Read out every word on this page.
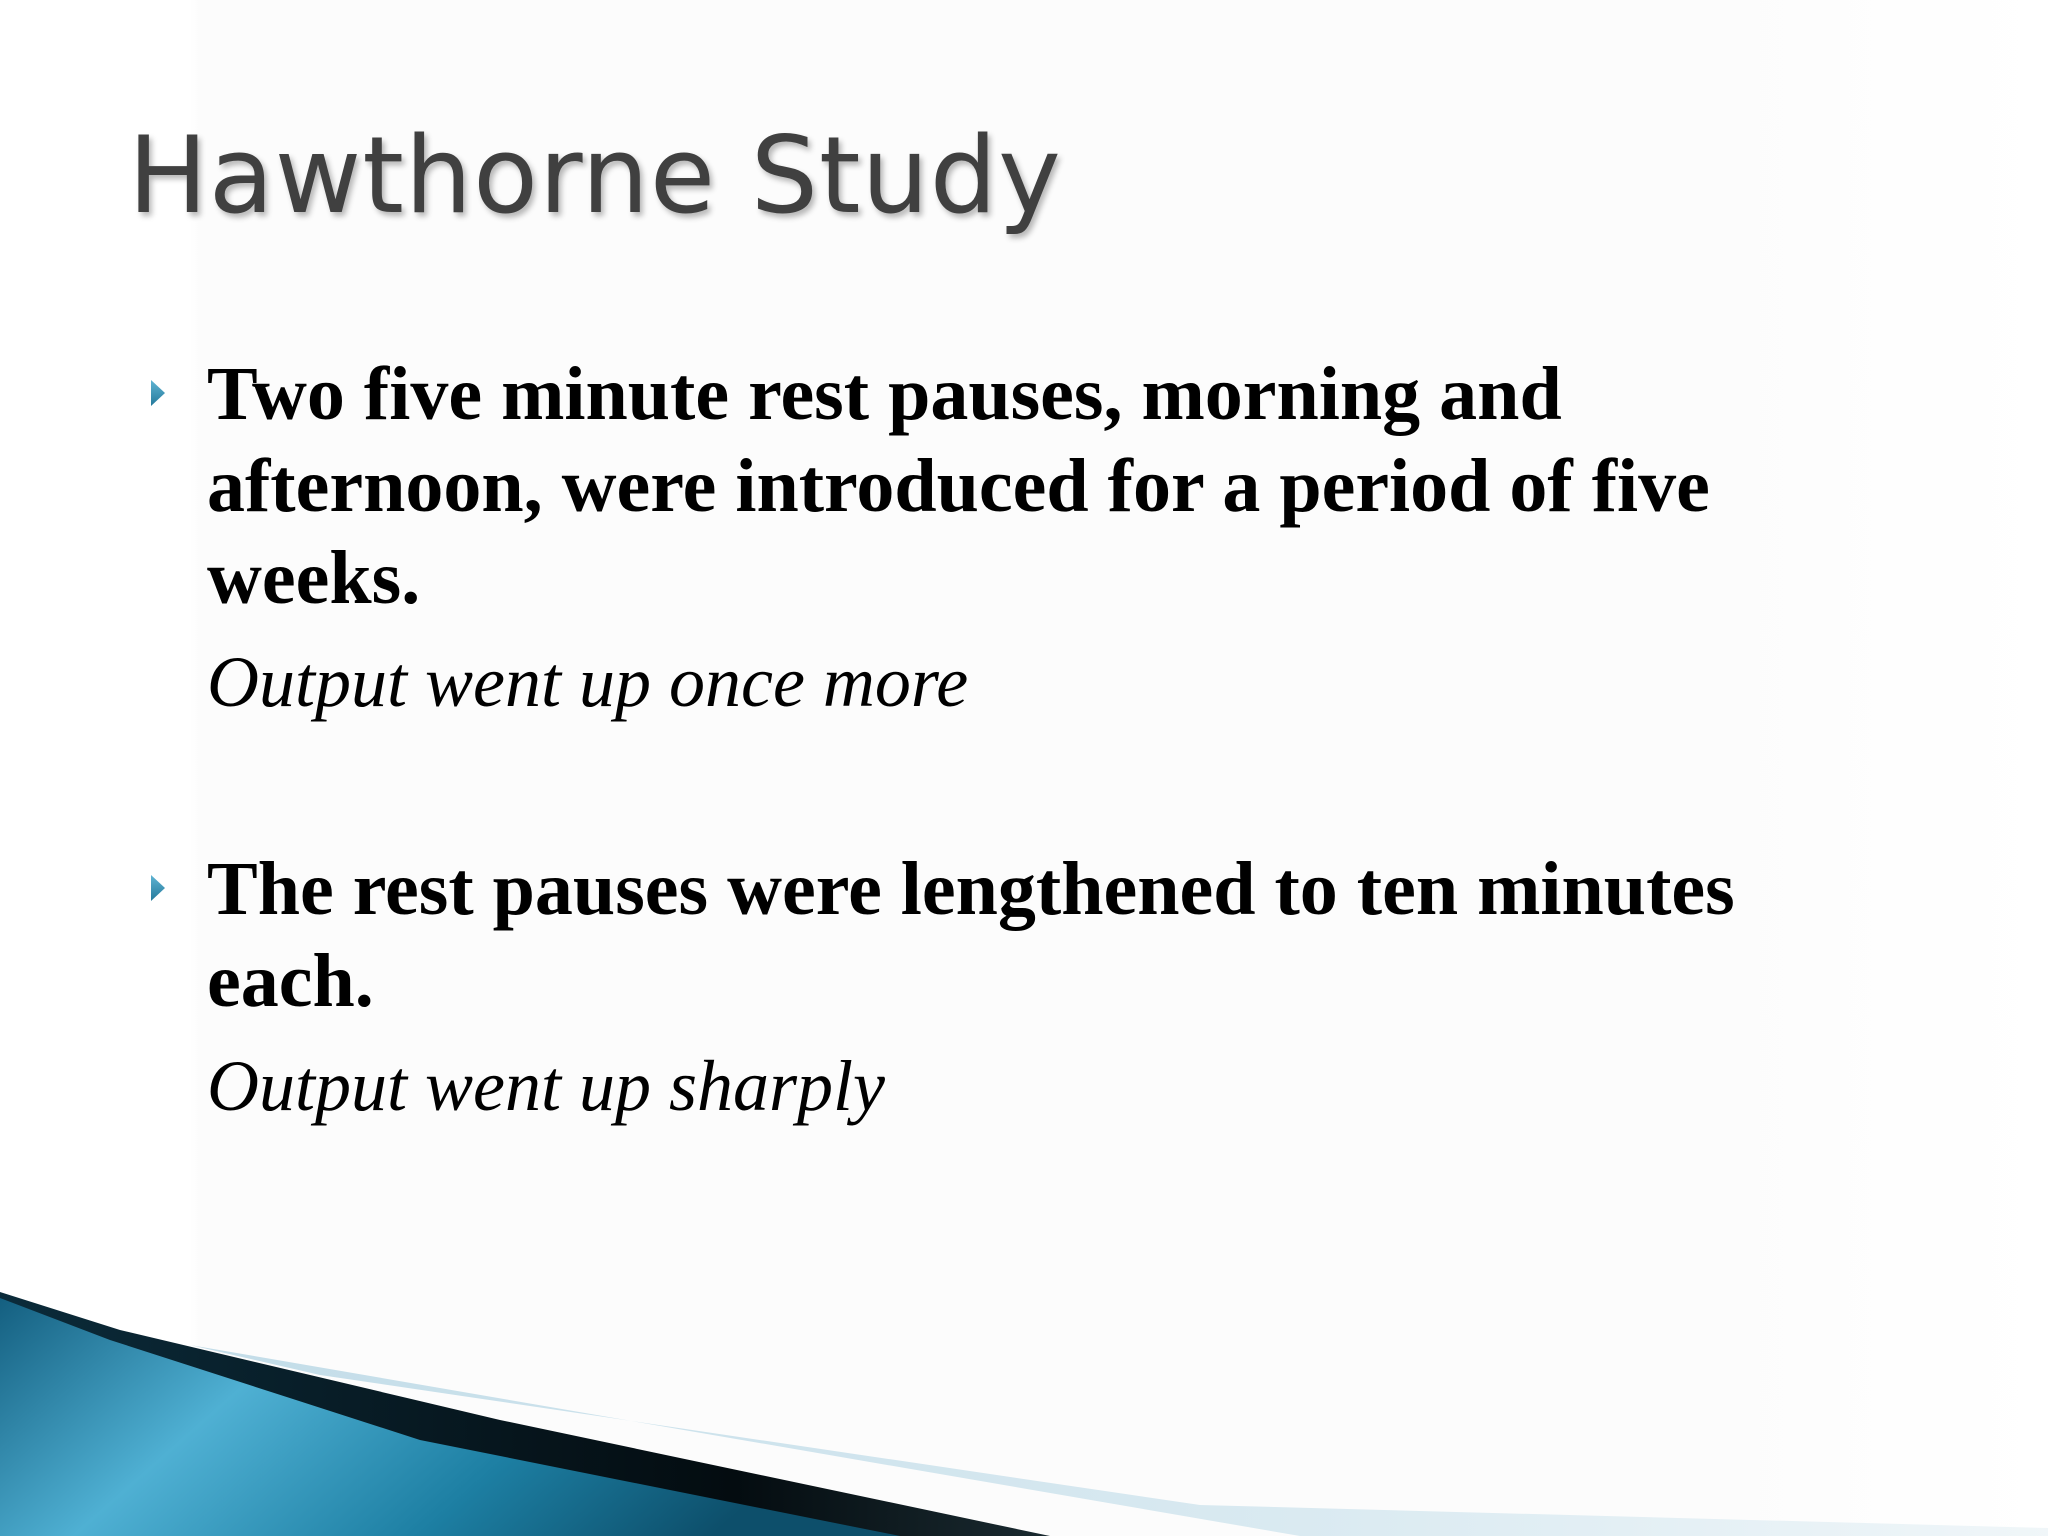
Hawthorne Study

Two five minute rest pauses, morning and afternoon, were introduced for a period of five weeks.

Output went up once more

The rest pauses were lengthened to ten minutes each.

Output went up sharply
